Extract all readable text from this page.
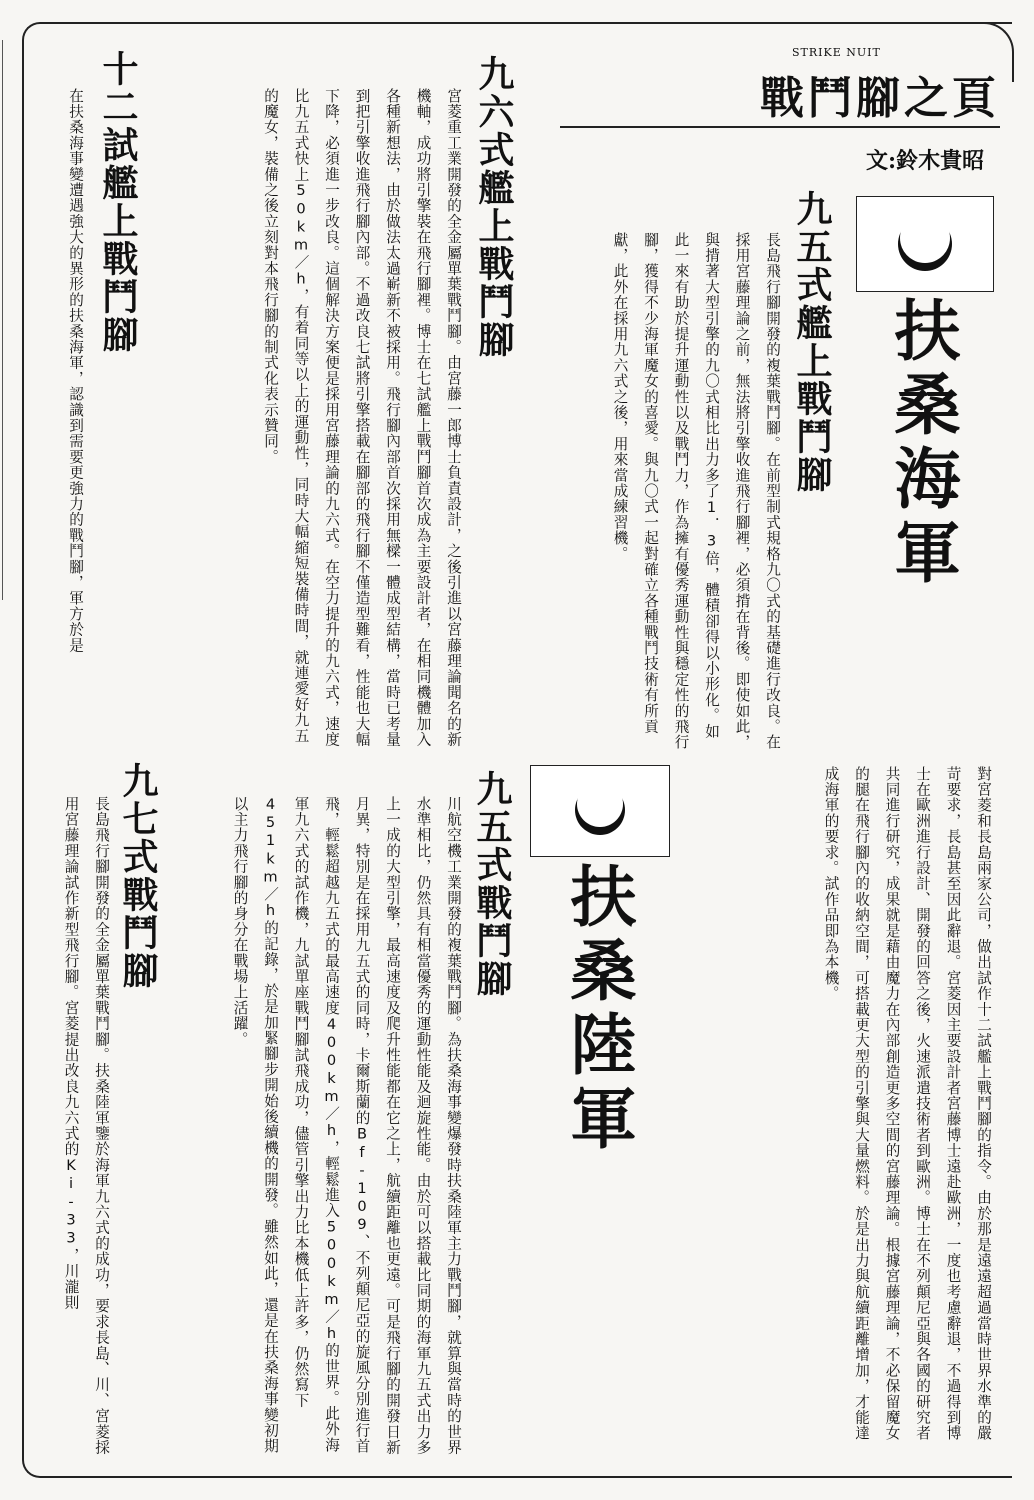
STRIKE NUIT
戰鬥腳之頁
文:鈴木貴昭
扶桑海軍
九五式艦上戰鬥腳
長島飛行腳開發的複葉戰鬥腳。在前型制式規格九〇式的基礎進行改良。在採用宮藤理論之前，無法將引擎收進飛行腳裡，必須揹在背後。即使如此，與揹著大型引擎的九〇式相比出力多了1．3倍，體積卻得以小形化。如此一來有助於提升運動性以及戰鬥力，作為擁有優秀運動性與穩定性的飛行腳，獲得不少海軍魔女的喜愛。與九〇式一起對確立各種戰鬥技術有所貢獻，此外在採用九六式之後，用來當成練習機。
九六式艦上戰鬥腳
宮菱重工業開發的全金屬單葉戰鬥腳。由宮藤一郎博士負責設計，之後引進以宮藤理論聞名的新機軸，成功將引擎裝在飛行腳裡。博士在七試艦上戰鬥腳首次成為主要設計者，在相同機體加入各種新想法，由於做法太過嶄新不被採用。飛行腳內部首次採用無樑一體成型結構，當時已考量到把引擎收進飛行腳內部。不過改良七試將引擎搭載在腳部的飛行腳不僅造型難看，性能也大幅下降，必須進一步改良。這個解決方案便是採用宮藤理論的九六式。在空力提升的九六式，速度比九五式快上50km／h，有着同等以上的運動性，同時大幅縮短裝備時間，就連愛好九五的魔女，裝備之後立刻對本飛行腳的制式化表示贊同。
十二試艦上戰鬥腳
在扶桑海事變遭遇強大的異形的扶桑海軍，認識到需要更強力的戰鬥腳，軍方於是
對宮菱和長島兩家公司，做出試作十二試艦上戰鬥腳的指令。由於那是遠遠超過當時世界水準的嚴苛要求，長島甚至因此辭退。宮菱因主要設計者宮藤博士遠赴歐洲，一度也考慮辭退，不過得到博士在歐洲進行設計、開發的回答之後，火速派遣技術者到歐洲。博士在不列顛尼亞與各國的研究者共同進行研究，成果就是藉由魔力在內部創造更多空間的宮藤理論。根據宮藤理論，不必保留魔女的腿在飛行腳內的收納空間，可搭載更大型的引擎與大量燃料。於是出力與航續距離增加，才能達成海軍的要求。試作品即為本機。
扶桑陸軍
九五式戰鬥腳
川航空機工業開發的複葉戰鬥腳。為扶桑海事變爆發時扶桑陸軍主力戰鬥腳，就算與當時的世界水準相比，仍然具有相當優秀的運動性能及迴旋性能。由於可以搭載比同期的海軍九五式出力多上一成的大型引擎，最高速度及爬升性能都在它之上，航續距離也更遠。可是飛行腳的開發日新月異，特別是在採用九五式的同時，卡爾斯蘭的Bf-109、不列顛尼亞的旋風分別進行首飛，輕鬆超越九五式的最高速度400km／h，輕鬆進入500km／h的世界。此外海軍九六式的試作機，九試單座戰鬥腳試飛成功，儘管引擎出力比本機低上許多，仍然寫下451km／h的記錄，於是加緊腳步開始後續機的開發。雖然如此，還是在扶桑海事變初期以主力飛行腳的身分在戰場上活躍。
九七式戰鬥腳
長島飛行腳開發的全金屬單葉戰鬥腳。扶桑陸軍鑒於海軍九六式的成功，要求長島、川、宮菱採用宮藤理論試作新型飛行腳。宮菱提出改良九六式的Ki-33，川瀧則
